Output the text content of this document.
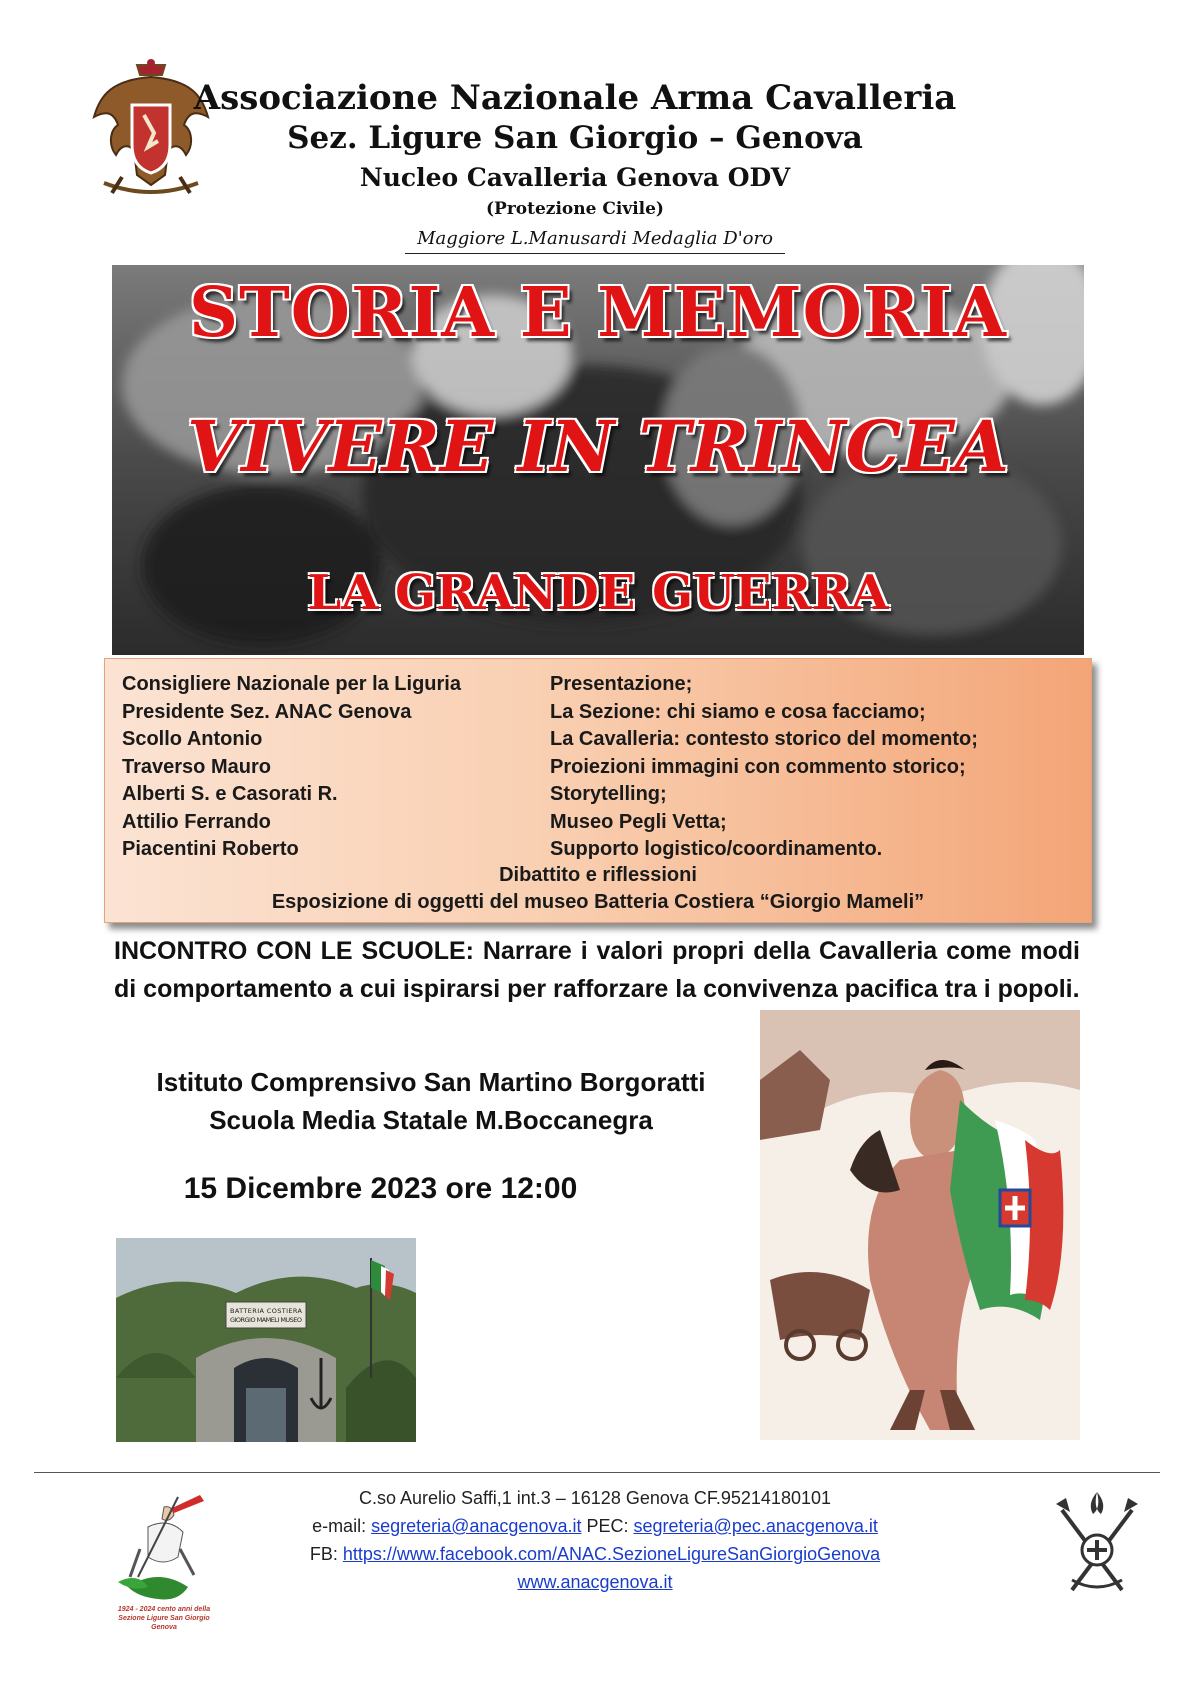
Associazione Nazionale Arma Cavalleria
Sez. Ligure San Giorgio – Genova
Nucleo Cavalleria Genova ODV
(Protezione Civile)
Maggiore L.Manusardi Medaglia D'oro
STORIA E MEMORIA
VIVERE IN TRINCEA
LA GRANDE GUERRA
Consigliere Nazionale per la Liguria
Presidente Sez. ANAC Genova
Scollo Antonio
Traverso Mauro
Alberti S. e Casorati R.
Attilio Ferrando
Piacentini Roberto
Presentazione;
La Sezione: chi siamo e cosa facciamo;
La Cavalleria: contesto storico del momento;
Proiezioni immagini con commento storico;
Storytelling;
Museo Pegli Vetta;
Supporto logistico/coordinamento.
Dibattito e riflessioni
Esposizione di oggetti del museo Batteria Costiera “Giorgio Mameli”
INCONTRO CON LE SCUOLE: Narrare i valori propri della Cavalleria come modi di comportamento a cui ispirarsi per rafforzare la convivenza pacifica tra i popoli.
Istituto Comprensivo San Martino Borgoratti
Scuola Media Statale M.Boccanegra
15 Dicembre 2023 ore 12:00
BATTERIA COSTIERA
GIORGIO MAMELI MUSEO
1924 - 2024 cento anni della Sezione Ligure San Giorgio Genova
C.so Aurelio Saffi,1 int.3 – 16128 Genova CF.95214180101
e-mail: segreteria@anacgenova.it PEC: segreteria@pec.anacgenova.it
FB: https://www.facebook.com/ANAC.SezioneLigureSanGiorgioGenova
www.anacgenova.it
